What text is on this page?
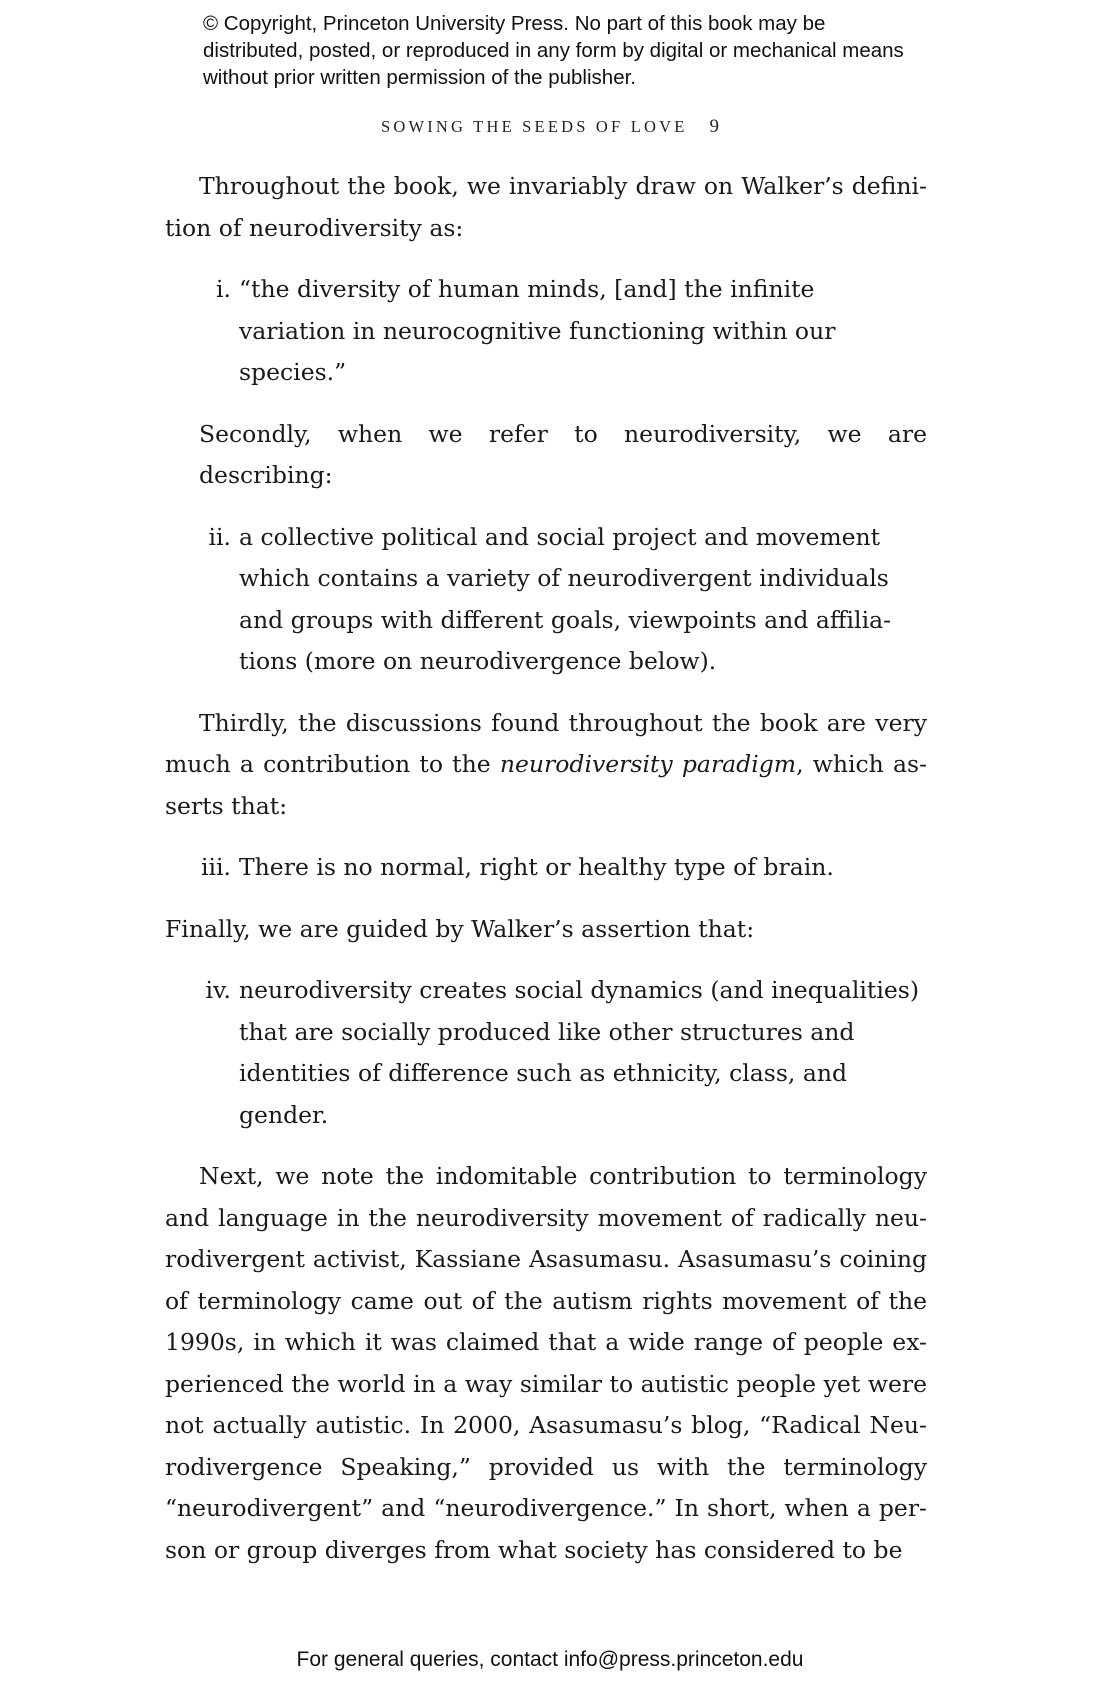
© Copyright, Princeton University Press. No part of this book may be distributed, posted, or reproduced in any form by digital or mechanical means without prior written permission of the publisher.
SOWING THE SEEDS OF LOVE 9

Throughout the book, we invariably draw on Walker’s defini-tion of neurodiversity as:

i. “the diversity of human minds, [and] the infinite variation in neurocognitive functioning within our species.”

Secondly, when we refer to neurodiversity, we are describing:

ii. a collective political and social project and movement which contains a variety of neurodivergent individuals and groups with different goals, viewpoints and affilia-tions (more on neurodivergence below).

Thirdly, the discussions found throughout the book are very much a contribution to the neurodiversity paradigm, which as-serts that:

iii. There is no normal, right or healthy type of brain.

Finally, we are guided by Walker’s assertion that:

iv. neurodiversity creates social dynamics (and inequalities) that are socially produced like other structures and identities of difference such as ethnicity, class, and gender.

Next, we note the indomitable contribution to terminology and language in the neurodiversity movement of radically neu-rodivergent activist, Kassiane Asasumasu. Asasumasu’s coining of terminology came out of the autism rights movement of the 1990s, in which it was claimed that a wide range of people ex-perienced the world in a way similar to autistic people yet were not actually autistic. In 2000, Asasumasu’s blog, “Radical Neu-rodivergence Speaking,” provided us with the terminology “neurodivergent” and “neurodivergence.” In short, when a per-son or group diverges from what society has considered to be

For general queries, contact info@press.princeton.edu
